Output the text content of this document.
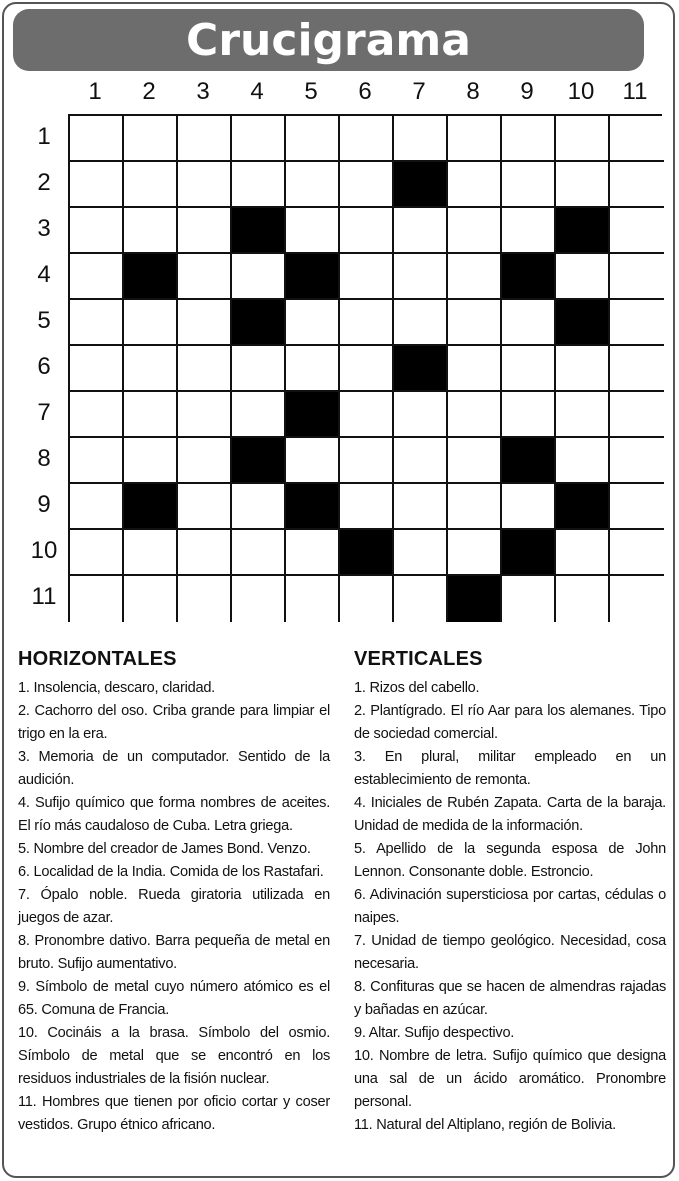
Crucigrama
1	2	3	4	5	6	7	8	9	10	11
1
2
3
4
5
6
7
8
9
10
11
HORIZONTALES
1. Insolencia, descaro, claridad.
2. Cachorro del oso. Criba grande para limpiar el trigo en la era.
3. Memoria de un computador. Sentido de la audición.
4. Sufijo químico que forma nombres de aceites. El río más caudaloso de Cuba. Letra griega.
5. Nombre del creador de James Bond. Venzo.
6. Localidad de la India. Comida de los Rastafari.
7. Ópalo noble. Rueda giratoria utilizada en juegos de azar.
8. Pronombre dativo. Barra pequeña de metal en bruto. Sufijo aumentativo.
9. Símbolo de metal cuyo número atómico es el 65. Comuna de Francia.
10. Cocináis a la brasa. Símbolo del osmio. Símbolo de metal que se encontró en los residuos industriales de la fisión nuclear.
11. Hombres que tienen por oficio cortar y coser vestidos. Grupo étnico africano.
VERTICALES
1. Rizos del cabello.
2. Plantígrado. El río Aar para los alemanes. Tipo de sociedad comercial.
3. En plural, militar empleado en un establecimiento de remonta.
4. Iniciales de Rubén Zapata. Carta de la baraja. Unidad de medida de la información.
5. Apellido de la segunda esposa de John Lennon. Consonante doble. Estroncio.
6. Adivinación supersticiosa por cartas, cédulas o naipes.
7. Unidad de tiempo geológico. Necesidad, cosa necesaria.
8. Confituras que se hacen de almendras rajadas y bañadas en azúcar.
9. Altar. Sufijo despectivo.
10. Nombre de letra. Sufijo químico que designa una sal de un ácido aromático. Pronombre personal.
11. Natural del Altiplano, región de Bolivia.
